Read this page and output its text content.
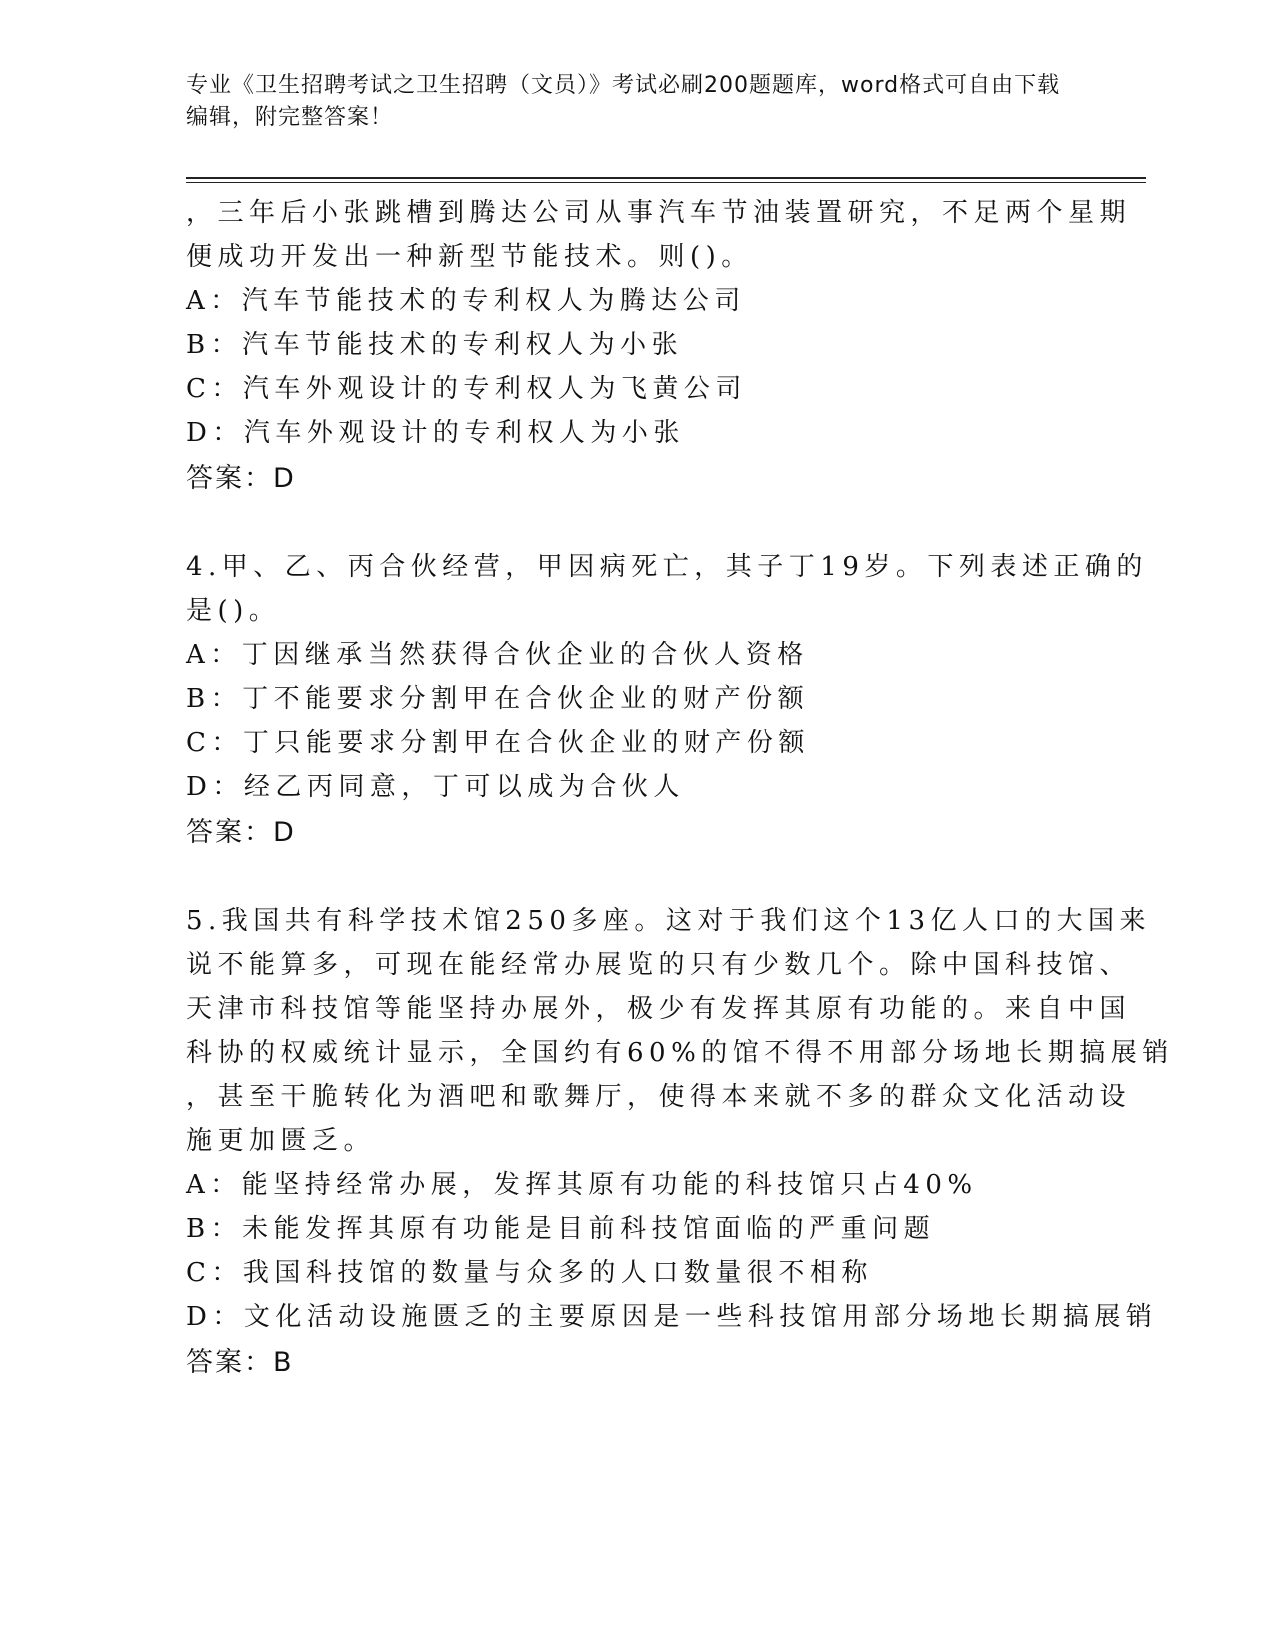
专业《卫生招聘考试之卫生招聘（文员）》考试必刷200题题库，word格式可自由下载编辑，附完整答案！
，三年后小张跳槽到腾达公司从事汽车节油装置研究，不足两个星期
便成功开发出一种新型节能技术。则()。
A：汽车节能技术的专利权人为腾达公司
B：汽车节能技术的专利权人为小张
C：汽车外观设计的专利权人为飞黄公司
D：汽车外观设计的专利权人为小张
答案：D
4.甲、乙、丙合伙经营，甲因病死亡，其子丁19岁。下列表述正确的
是()。
A：丁因继承当然获得合伙企业的合伙人资格
B：丁不能要求分割甲在合伙企业的财产份额
C：丁只能要求分割甲在合伙企业的财产份额
D：经乙丙同意，丁可以成为合伙人
答案：D
5.我国共有科学技术馆250多座。这对于我们这个13亿人口的大国来
说不能算多，可现在能经常办展览的只有少数几个。除中国科技馆、
天津市科技馆等能坚持办展外，极少有发挥其原有功能的。来自中国
科协的权威统计显示，全国约有60%的馆不得不用部分场地长期搞展销
，甚至干脆转化为酒吧和歌舞厅，使得本来就不多的群众文化活动设
施更加匮乏。
A：能坚持经常办展，发挥其原有功能的科技馆只占40%
B：未能发挥其原有功能是目前科技馆面临的严重问题
C：我国科技馆的数量与众多的人口数量很不相称
D：文化活动设施匮乏的主要原因是一些科技馆用部分场地长期搞展销
答案：B
